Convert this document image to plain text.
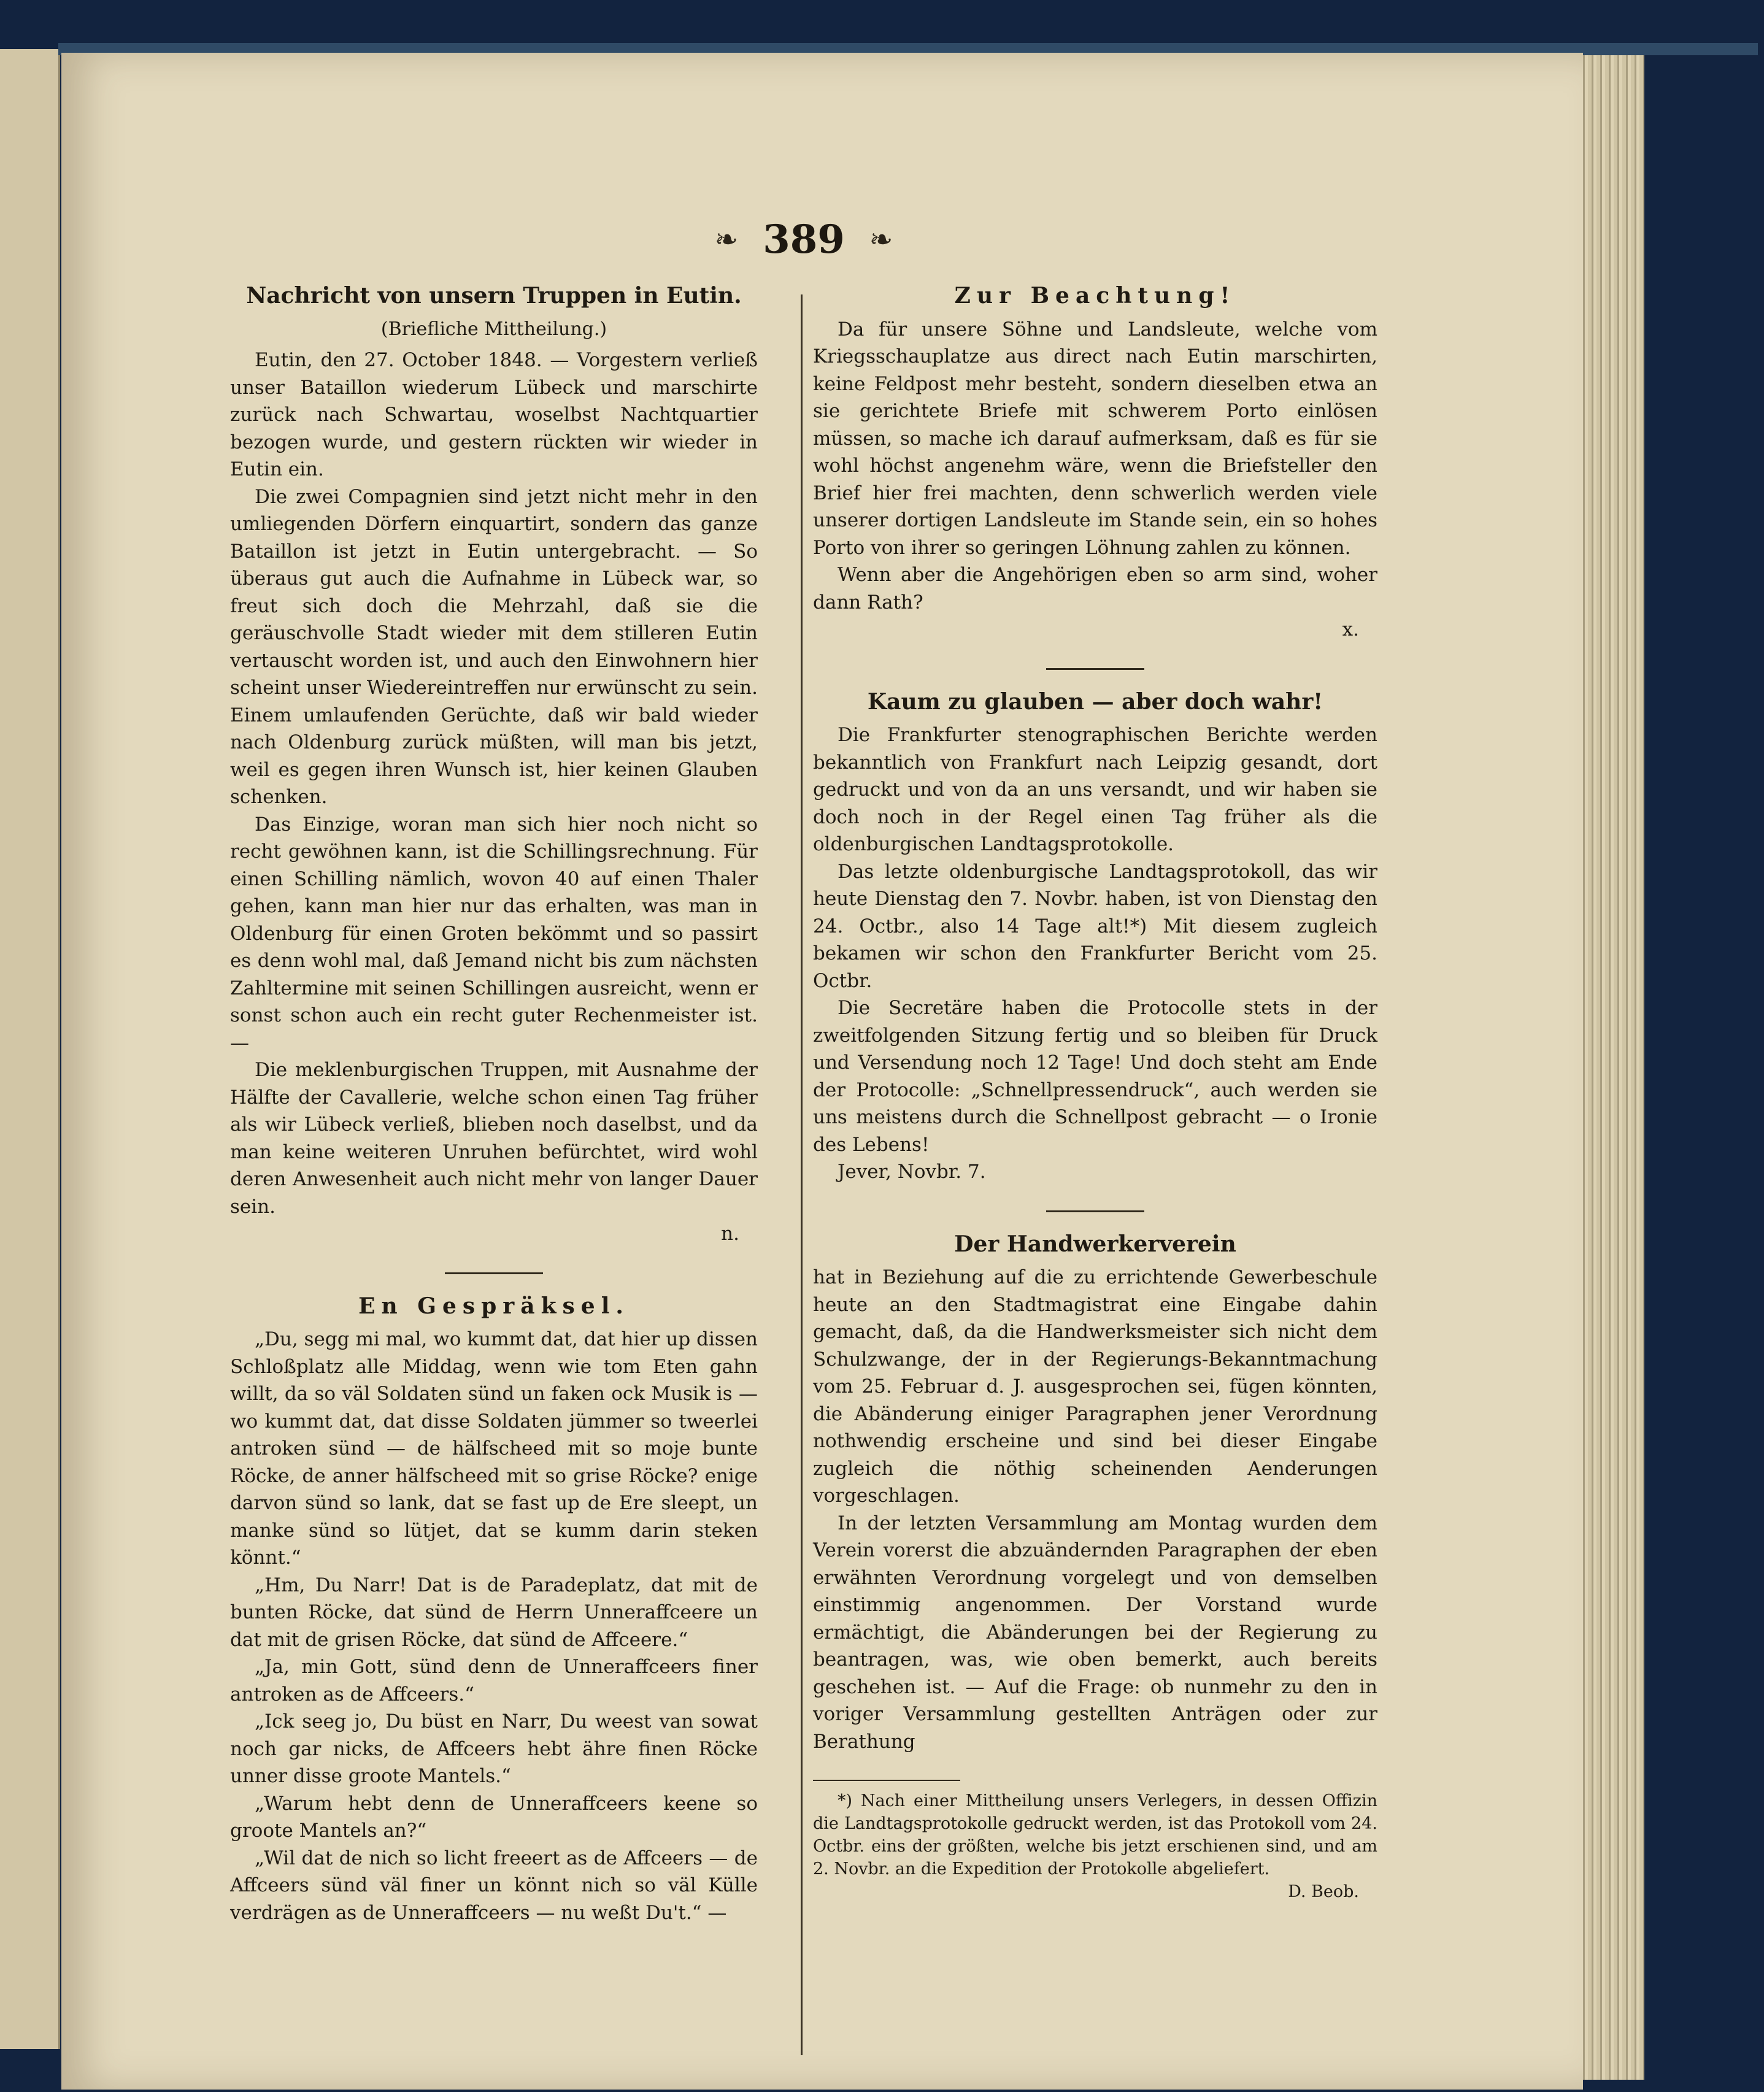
❧ 389 ❧
Nachricht von unsern Truppen in Eutin.
(Briefliche Mittheilung.)

Eutin, den 27. October 1848. — Vorgestern verließ unser Bataillon wiederum Lübeck und marschirte zurück nach Schwartau, woselbst Nachtquartier bezogen wurde, und gestern rückten wir wieder in Eutin ein.

Die zwei Compagnien sind jetzt nicht mehr in den umliegenden Dörfern einquartirt, sondern das ganze Bataillon ist jetzt in Eutin untergebracht. — So überaus gut auch die Aufnahme in Lübeck war, so freut sich doch die Mehrzahl, daß sie die geräuschvolle Stadt wieder mit dem stilleren Eutin vertauscht worden ist, und auch den Einwohnern hier scheint unser Wiedereintreffen nur erwünscht zu sein. Einem umlaufenden Gerüchte, daß wir bald wieder nach Oldenburg zurück müßten, will man bis jetzt, weil es gegen ihren Wunsch ist, hier keinen Glauben schenken.

Das Einzige, woran man sich hier noch nicht so recht gewöhnen kann, ist die Schillingsrechnung. Für einen Schilling nämlich, wovon 40 auf einen Thaler gehen, kann man hier nur das erhalten, was man in Oldenburg für einen Groten bekömmt und so passirt es denn wohl mal, daß Jemand nicht bis zum nächsten Zahltermine mit seinen Schillingen ausreicht, wenn er sonst schon auch ein recht guter Rechenmeister ist. —

Die meklenburgischen Truppen, mit Ausnahme der Hälfte der Cavallerie, welche schon einen Tag früher als wir Lübeck verließ, blieben noch daselbst, und da man keine weiteren Unruhen befürchtet, wird wohl deren Anwesenheit auch nicht mehr von langer Dauer sein.

n.

En Gespräksel.

„Du, segg mi mal, wo kummt dat, dat hier up dissen Schloßplatz alle Middag, wenn wie tom Eten gahn willt, da so väl Soldaten sünd un faken ock Musik is — wo kummt dat, dat disse Soldaten jümmer so tweerlei antroken sünd — de hälfscheed mit so moje bunte Röcke, de anner hälfscheed mit so grise Röcke? enige darvon sünd so lank, dat se fast up de Ere sleept, un manke sünd so lütjet, dat se kumm darin steken könnt.“

„Hm, Du Narr! Dat is de Paradeplatz, dat mit de bunten Röcke, dat sünd de Herrn Unneraffceere un dat mit de grisen Röcke, dat sünd de Affceere.“

„Ja, min Gott, sünd denn de Unneraffceers finer antroken as de Affceers.“

„Ick seeg jo, Du büst en Narr, Du weest van sowat noch gar nicks, de Affceers hebt ähre finen Röcke unner disse groote Mantels.“

„Warum hebt denn de Unneraffceers keene so groote Mantels an?“

„Wil dat de nich so licht freeert as de Affceers — de Affceers sünd väl finer un könnt nich so väl Külle verdrägen as de Unneraffceers — nu weßt Du't.“ —

Zur Beachtung!

Da für unsere Söhne und Landsleute, welche vom Kriegsschauplatze aus direct nach Eutin marschirten, keine Feldpost mehr besteht, sondern dieselben etwa an sie gerichtete Briefe mit schwerem Porto einlösen müssen, so mache ich darauf aufmerksam, daß es für sie wohl höchst angenehm wäre, wenn die Briefsteller den Brief hier frei machten, denn schwerlich werden viele unserer dortigen Landsleute im Stande sein, ein so hohes Porto von ihrer so geringen Löhnung zahlen zu können.

Wenn aber die Angehörigen eben so arm sind, woher dann Rath?

x.

Kaum zu glauben — aber doch wahr!

Die Frankfurter stenographischen Berichte werden bekanntlich von Frankfurt nach Leipzig gesandt, dort gedruckt und von da an uns versandt, und wir haben sie doch noch in der Regel einen Tag früher als die oldenburgischen Landtagsprotokolle.

Das letzte oldenburgische Landtagsprotokoll, das wir heute Dienstag den 7. Novbr. haben, ist von Dienstag den 24. Octbr., also 14 Tage alt!*) Mit diesem zugleich bekamen wir schon den Frankfurter Bericht vom 25. Octbr.

Die Secretäre haben die Protocolle stets in der zweitfolgenden Sitzung fertig und so bleiben für Druck und Versendung noch 12 Tage! Und doch steht am Ende der Protocolle: „Schnellpressendruck“, auch werden sie uns meistens durch die Schnellpost gebracht — o Ironie des Lebens!

Jever, Novbr. 7.

Der Handwerkerverein

hat in Beziehung auf die zu errichtende Gewerbeschule heute an den Stadtmagistrat eine Eingabe dahin gemacht, daß, da die Handwerksmeister sich nicht dem Schulzwange, der in der Regierungs-Bekanntmachung vom 25. Februar d. J. ausgesprochen sei, fügen könnten, die Abänderung einiger Paragraphen jener Verordnung nothwendig erscheine und sind bei dieser Eingabe zugleich die nöthig scheinenden Aenderungen vorgeschlagen.

In der letzten Versammlung am Montag wurden dem Verein vorerst die abzuändernden Paragraphen der eben erwähnten Verordnung vorgelegt und von demselben einstimmig angenommen. Der Vorstand wurde ermächtigt, die Abänderungen bei der Regierung zu beantragen, was, wie oben bemerkt, auch bereits geschehen ist. — Auf die Frage: ob nunmehr zu den in voriger Versammlung gestellten Anträgen oder zur Berathung

*) Nach einer Mittheilung unsers Verlegers, in dessen Offizin die Landtagsprotokolle gedruckt werden, ist das Protokoll vom 24. Octbr. eins der größten, welche bis jetzt erschienen sind, und am 2. Novbr. an die Expedition der Protokolle abgeliefert.

D. Beob.
